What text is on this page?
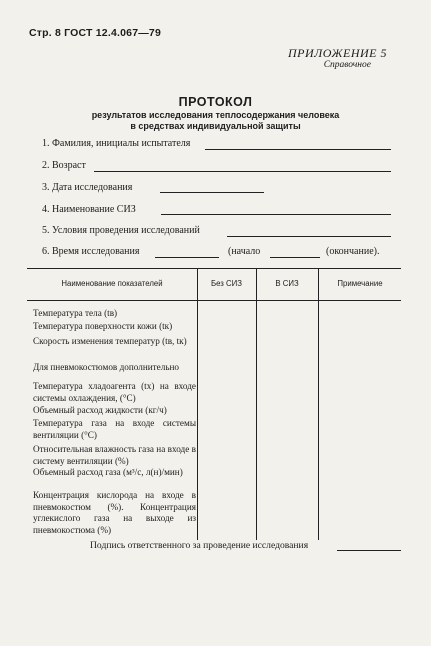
Стр. 8 ГОСТ 12.4.067—79
ПРИЛОЖЕНИЕ 5
Справочное
ПРОТОКОЛ
результатов исследования теплосодержания человека
в средствах индивидуальной защиты
1. Фамилия, инициалы испытателя
2. Возраст
3. Дата исследования
4. Наименование СИЗ
5. Условия проведения исследований
6. Время исследования	(начало	(окончание).
Наименование показателей	Без СИЗ	В СИЗ	Примечание
Температура тела (tв)
Температура поверхности кожи (tк)
Скорость изменения температур (tв, tк)
Для пневмокостюмов дополнительно
Температура хладоагента (tх) на входе системы охлаждения, (°С)
Объемный расход жидкости (кг/ч)
Температура газа на входе системы вентиляции (°С)
Относительная влажность газа на входе в систему вентиляции (%)
Объемный расход газа (м³/с, л(н)/мин)
Концентрация кислорода на входе в пневмокостюм (%). Концентрация углекислого газа на выходе из пневмокостюма (%)
Подпись ответственного за проведение исследования
